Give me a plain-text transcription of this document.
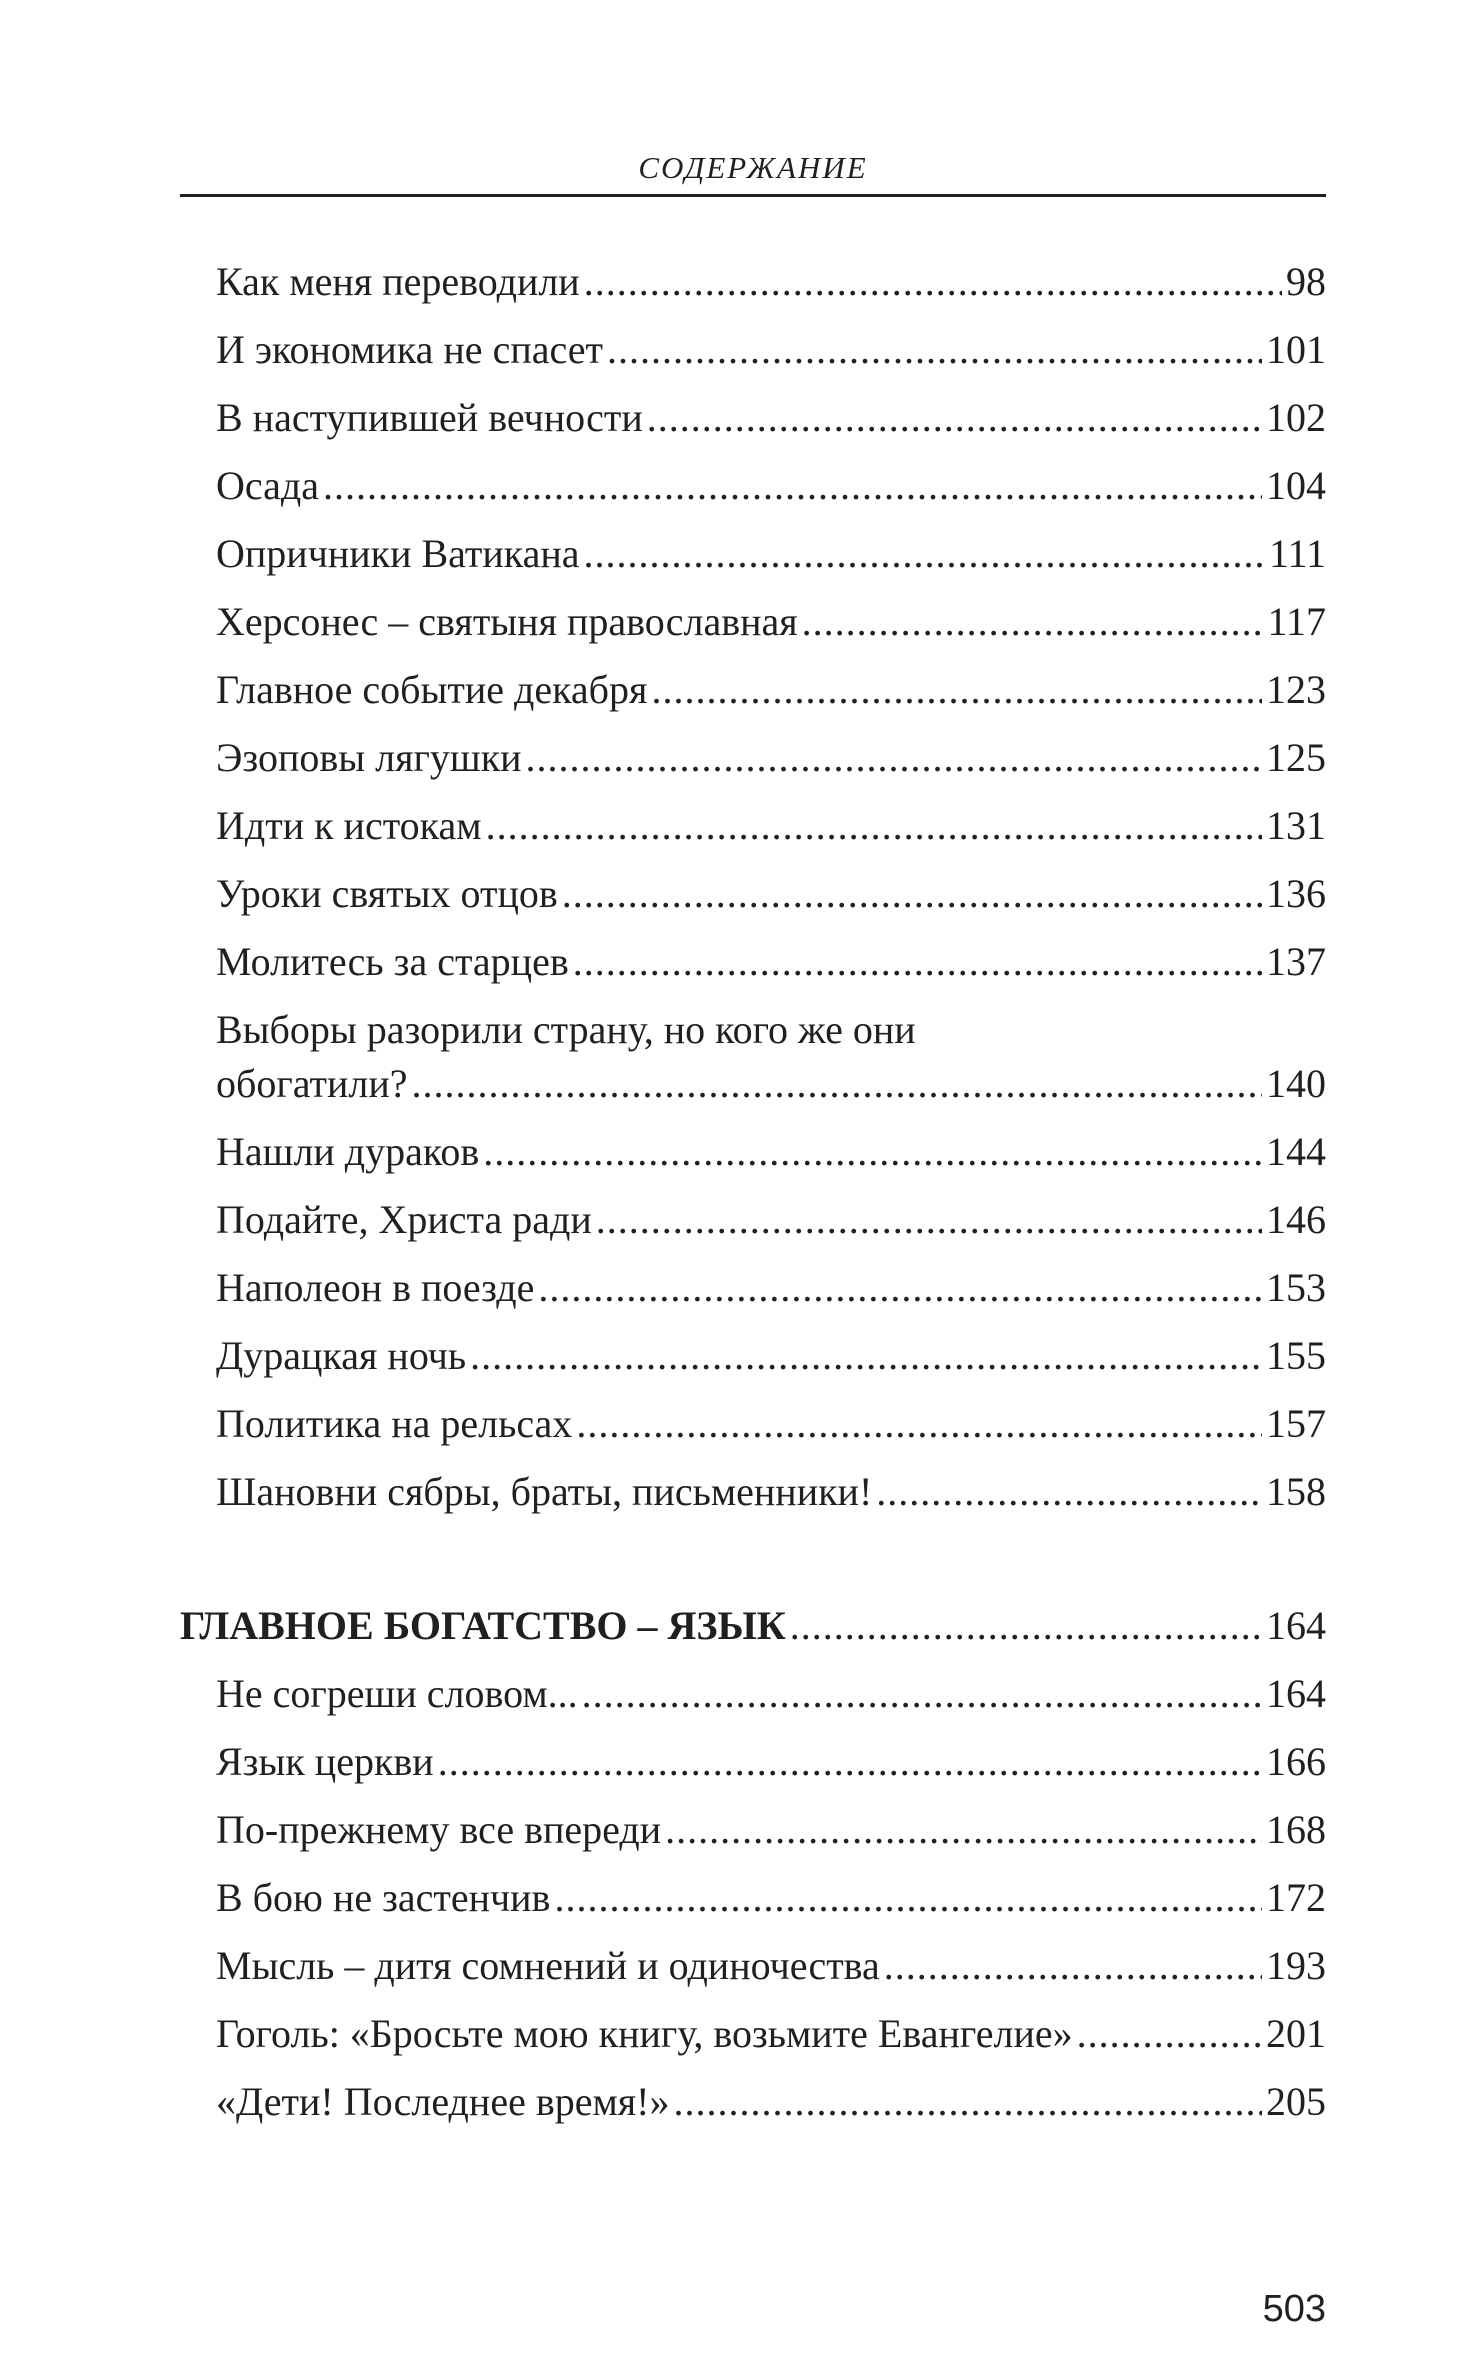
СОДЕРЖАНИЕ
Как меня переводили .....	98
И экономика не спасет .....	101
В наступившей вечности .....	102
Осада .....	104
Опричники Ватикана .....	111
Херсонес – святыня православная .....	117
Главное событие декабря .....	123
Эзоповы лягушки .....	125
Идти к истокам .....	131
Уроки святых отцов .....	136
Молитесь за старцев .....	137
Выборы разорили страну, но кого же они
обогатили? .....	140
Нашли дураков .....	144
Подайте, Христа ради .....	146
Наполеон в поезде .....	153
Дурацкая ночь .....	155
Политика на рельсах .....	157
Шановни сябры, браты, письменники! .....	158
ГЛАВНОЕ БОГАТСТВО – ЯЗЫК .....	164
Не согреши словом... .....	164
Язык церкви .....	166
По-прежнему все впереди .....	168
В бою не застенчив .....	172
Мысль – дитя сомнений и одиночества .....	193
Гоголь: «Бросьте мою книгу, возьмите Евангелие» .....	201
«Дети! Последнее время!» .....	205
503
